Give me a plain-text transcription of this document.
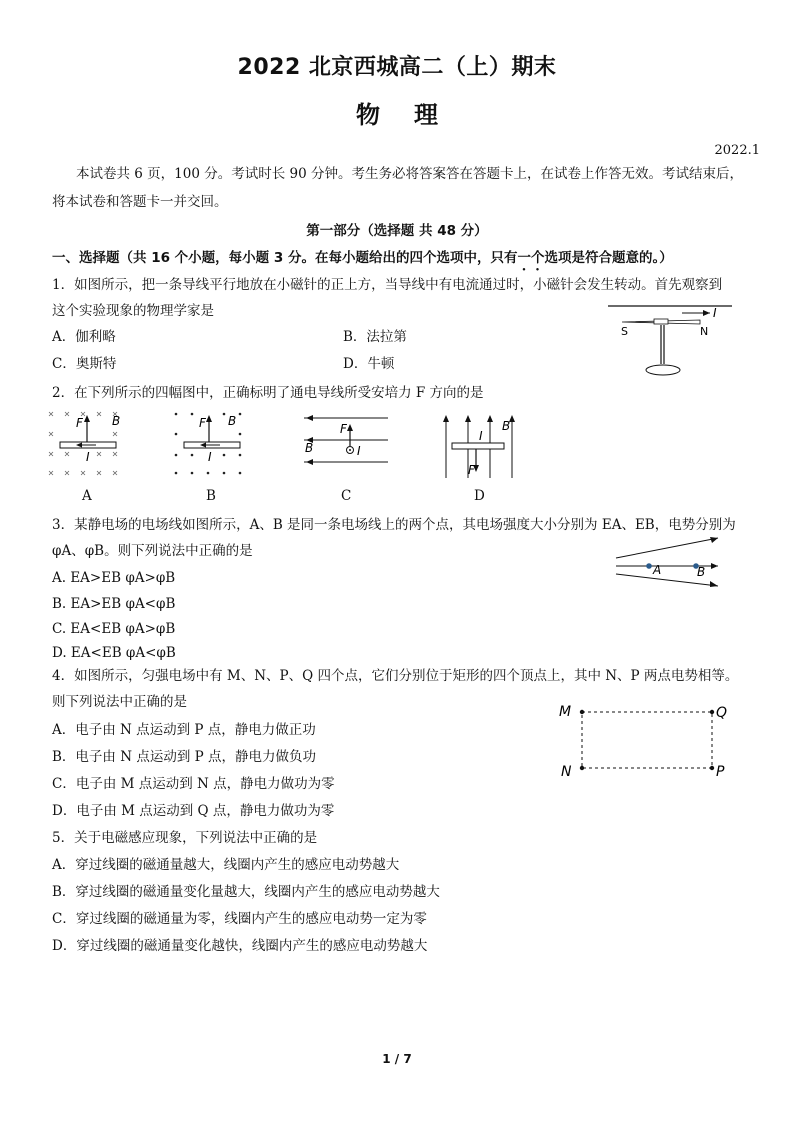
2022 北京西城高二（上）期末
物理
2022.1
本试卷共 6 页，100 分。考试时长 90 分钟。考生务必将答案答在答题卡上，在试卷上作答无效。考试结束后，
将本试卷和答题卡一并交回。
第一部分（选择题 共 48 分）
一、选择题（共 16 个小题，每小题 3 分。在每小题给出的四个选项中，只有一个选项是符合题意的。）
1．如图所示，把一条导线平行地放在小磁针的正上方，当导线中有电流通过时，小磁针会发生转动。首先观察到
这个实验现象的物理学家是
A．伽利略	B．法拉第
C．奥斯特	D．牛顿
I
S	N
2．在下列所示的四幅图中，正确标明了通电导线所受安培力 F 方向的是
F B
I
A
F B
I
B
F
B	I
C
F
B
I
D
3．某静电场的电场线如图所示，A、B 是同一条电场线上的两个点，其电场强度大小分别为 EA、EB，电势分别为
φA、φB。则下列说法中正确的是
A. EA>EB φA>φB
B. EA>EB φA<φB
C. EA<EB φA>φB
D. EA<EB φA<φB
A	B
4．如图所示，匀强电场中有 M、N、P、Q 四个点，它们分别位于矩形的四个顶点上，其中 N、P 两点电势相等。
则下列说法中正确的是
A．电子由 N 点运动到 P 点，静电力做正功
B．电子由 N 点运动到 P 点，静电力做负功
C．电子由 M 点运动到 N 点，静电力做功为零
D．电子由 M 点运动到 Q 点，静电力做功为零
M	Q
N	P
5．关于电磁感应现象，下列说法中正确的是
A．穿过线圈的磁通量越大，线圈内产生的感应电动势越大
B．穿过线圈的磁通量变化量越大，线圈内产生的感应电动势越大
C．穿过线圈的磁通量为零，线圈内产生的感应电动势一定为零
D．穿过线圈的磁通量变化越快，线圈内产生的感应电动势越大
1 / 7
